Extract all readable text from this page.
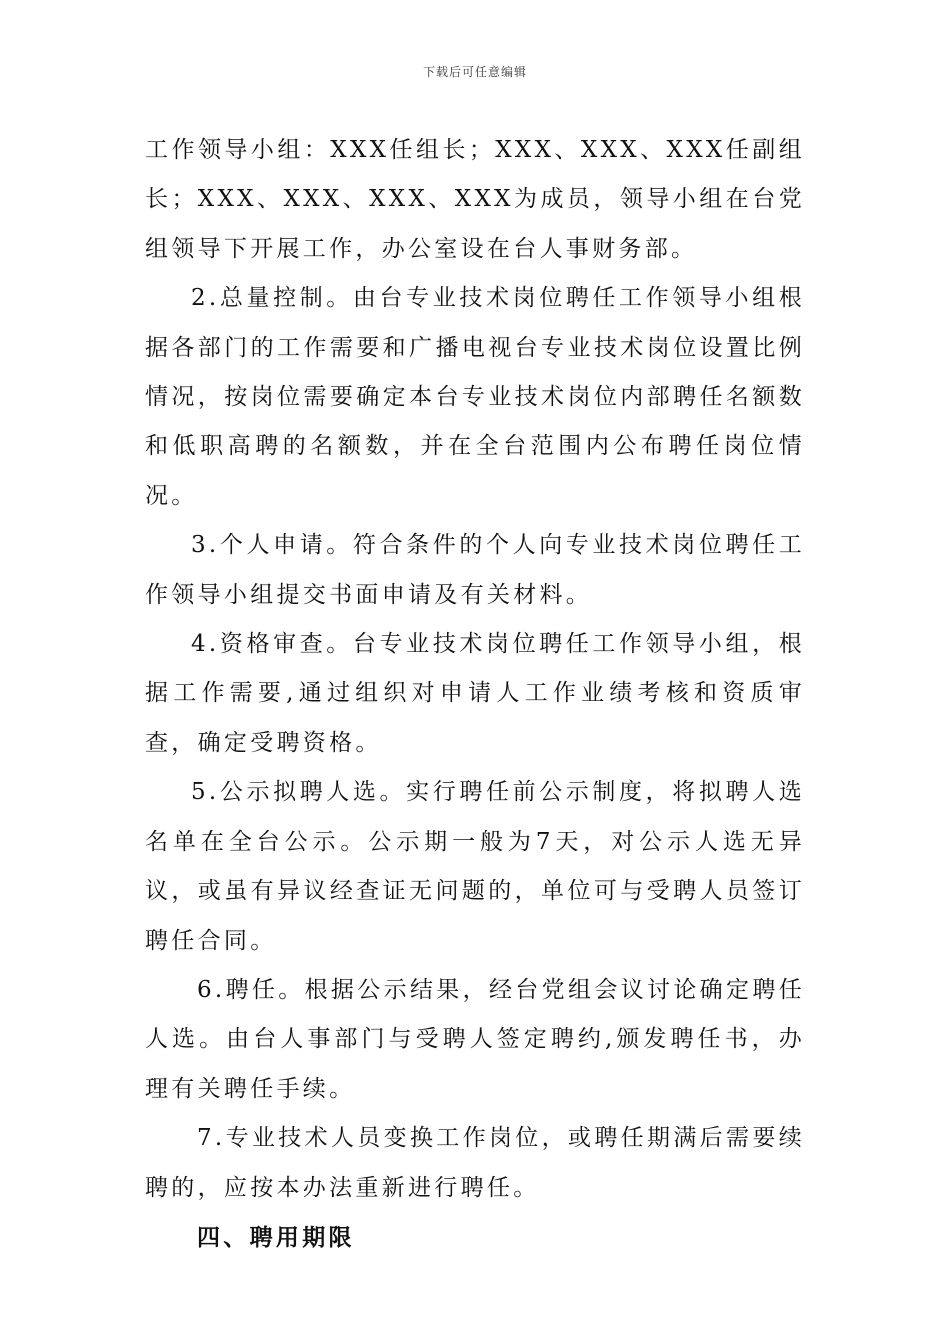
下载后可任意编辑

工作领导小组：XXX任组长；XXX、XXX、XXX任副组长；XXX、XXX、XXX、XXX为成员，领导小组在台党组领导下开展工作，办公室设在台人事财务部。

2.总量控制。由台专业技术岗位聘任工作领导小组根据各部门的工作需要和广播电视台专业技术岗位设置比例情况，按岗位需要确定本台专业技术岗位内部聘任名额数和低职高聘的名额数，并在全台范围内公布聘任岗位情况。

3.个人申请。符合条件的个人向专业技术岗位聘任工作领导小组提交书面申请及有关材料。

4.资格审查。台专业技术岗位聘任工作领导小组，根据工作需要,通过组织对申请人工作业绩考核和资质审查，确定受聘资格。

5.公示拟聘人选。实行聘任前公示制度，将拟聘人选名单在全台公示。公示期一般为7天，对公示人选无异议，或虽有异议经查证无问题的，单位可与受聘人员签订聘任合同。

6.聘任。根据公示结果，经台党组会议讨论确定聘任人选。由台人事部门与受聘人签定聘约,颁发聘任书，办理有关聘任手续。

7.专业技术人员变换工作岗位，或聘任期满后需要续聘的，应按本办法重新进行聘任。

四、聘用期限
